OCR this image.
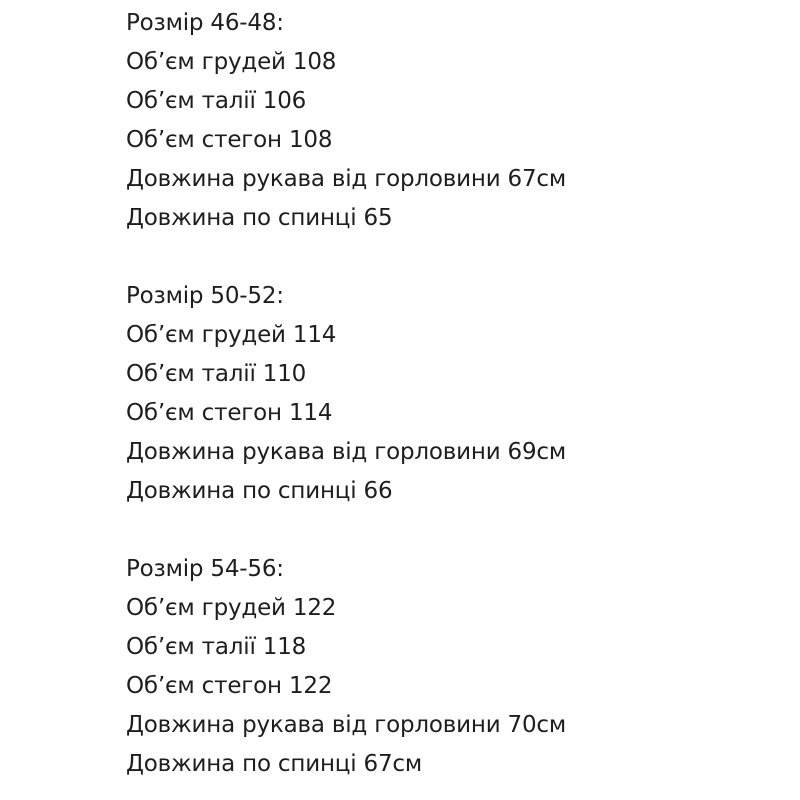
Розмір 46-48:
Об’єм грудей 108
Об’єм талії 106
Об’єм стегон 108
Довжина рукава від горловини 67см
Довжина по спинці 65
Розмір 50-52:
Об’єм грудей 114
Об’єм талії 110
Об’єм стегон 114
Довжина рукава від горловини 69см
Довжина по спинці 66
Розмір 54-56:
Об’єм грудей 122
Об’єм талії 118
Об’єм стегон 122
Довжина рукава від горловини 70см
Довжина по спинці 67см
